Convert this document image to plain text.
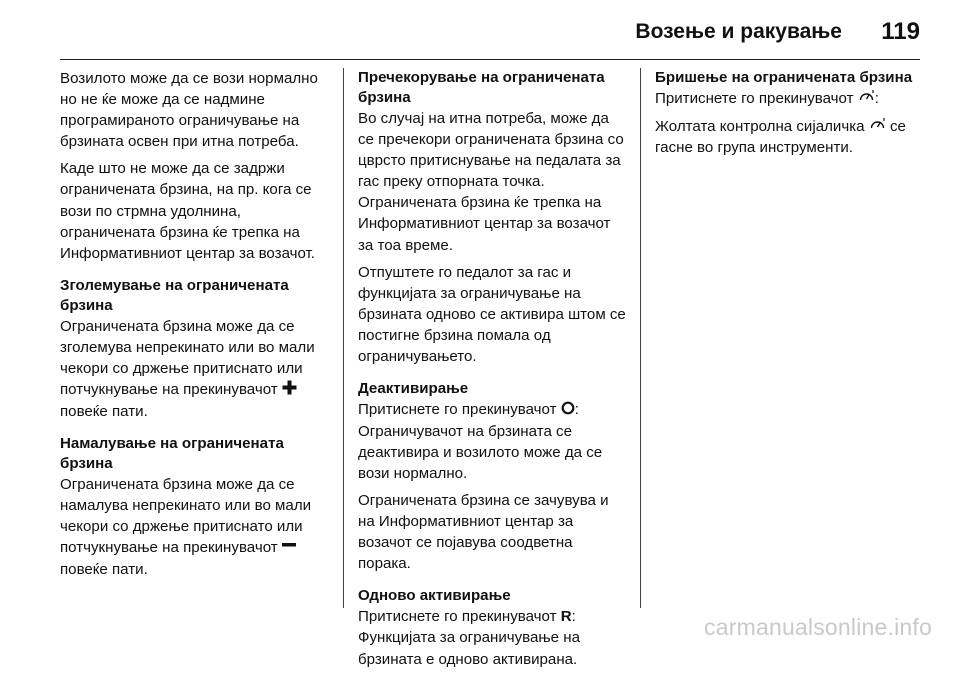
Возење и ракување 119

Возилото може да се вози нормално но не ќе може да се надмине програмираното ограничување на брзината освен при итна потреба.

Каде што не може да се задржи ограничената брзина, на пр. кога се вози по стрмна удолнина, ограничената брзина ќе трепка на Информативниот центар за возачот.

Зголемување на ограничената брзина

Ограничената брзина може да се зголемува непрекинато или во мали чекори со држење притиснато или потчукнување на прекинувачот  повеќе пати.

Намалување на ограничената брзина

Ограничената брзина може да се намалува непрекинато или во мали чекори со држење притиснато или потчукнување на прекинувачот  повеќе пати.

Пречекорување на ограничената брзина

Во случај на итна потреба, може да се пречекори ограничената брзина со цврсто притиснување на педалата за гас преку отпорната точка. Ограничената брзина ќе трепка на Информативниот центар за возачот за тоа време.

Отпуштете го педалот за гас и функцијата за ограничување на брзината одново се активира штом се постигне брзина помала од ограничувањето.

Деактивирање

Притиснете го прекинувачот : Ограничувачот на брзината се деактивира и возилото може да се вози нормално.

Ограничената брзина се зачувува и на Информативниот центар за возачот се појавува соодветна порака.

Одново активирање

Притиснете го прекинувачот R: Функцијата за ограничување на брзината е одново активирана.

Бришење на ограничената брзина

Притиснете го прекинувачот :

Жолтата контролна сијаличка се гасне во група инструменти.

carmanualsonline.info
